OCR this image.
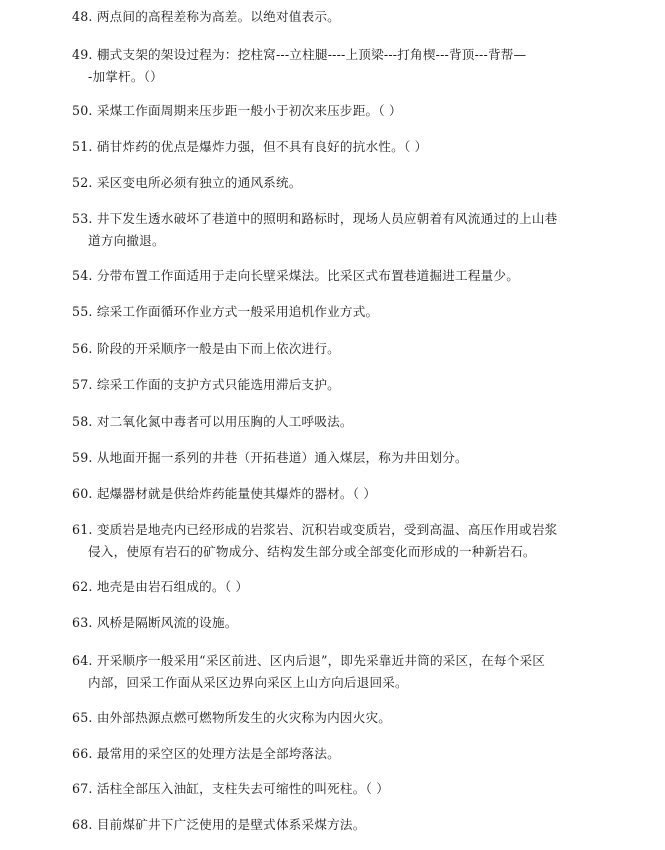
48. 两点间的高程差称为高差。以绝对值表示。
49. 棚式支架的架设过程为：挖柱窝---立柱腿----上顶梁---打角楔---背顶---背帮—
-加掌杆。（）
50. 采煤工作面周期来压步距一般小于初次来压步距。（ ）
51. 硝甘炸药的优点是爆炸力强，但不具有良好的抗水性。（ ）
52. 采区变电所必须有独立的通风系统。
53. 井下发生透水破坏了巷道中的照明和路标时，现场人员应朝着有风流通过的上山巷
道方向撤退。
54. 分带布置工作面适用于走向长壁采煤法。比采区式布置巷道掘进工程量少。
55. 综采工作面循环作业方式一般采用追机作业方式。
56. 阶段的开采顺序一般是由下而上依次进行。
57. 综采工作面的支护方式只能选用滞后支护。
58. 对二氧化氮中毒者可以用压胸的人工呼吸法。
59. 从地面开掘一系列的井巷（开拓巷道）通入煤层，称为井田划分。
60. 起爆器材就是供给炸药能量使其爆炸的器材。（ ）
61. 变质岩是地壳内已经形成的岩浆岩、沉积岩或变质岩，受到高温、高压作用或岩浆
侵入，使原有岩石的矿物成分、结构发生部分或全部变化而形成的一种新岩石。
62. 地壳是由岩石组成的。（ ）
63. 风桥是隔断风流的设施。
64. 开采顺序一般采用“采区前进、区内后退”，即先采靠近井筒的采区，在每个采区
内部，回采工作面从采区边界向采区上山方向后退回采。
65. 由外部热源点燃可燃物所发生的火灾称为内因火灾。
66. 最常用的采空区的处理方法是全部垮落法。
67. 活柱全部压入油缸，支柱失去可缩性的叫死柱。（ ）
68. 目前煤矿井下广泛使用的是壁式体系采煤方法。
